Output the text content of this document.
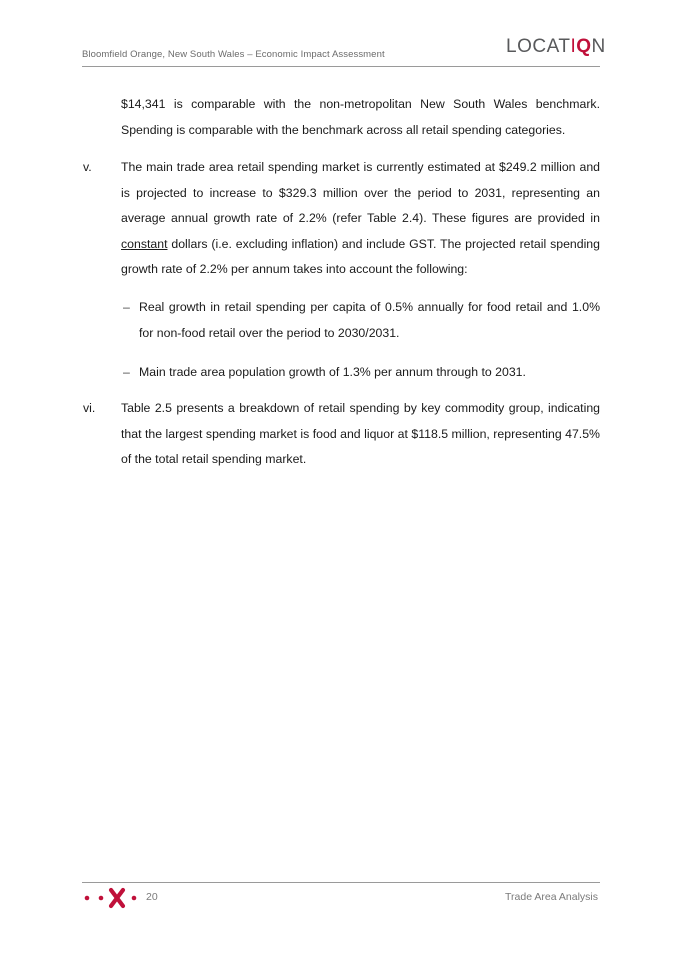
Bloomfield Orange, New South Wales – Economic Impact Assessment	LOCATIQN
$14,341 is comparable with the non-metropolitan New South Wales benchmark. Spending is comparable with the benchmark across all retail spending categories.
v. The main trade area retail spending market is currently estimated at $249.2 million and is projected to increase to $329.3 million over the period to 2031, representing an average annual growth rate of 2.2% (refer Table 2.4). These figures are provided in constant dollars (i.e. excluding inflation) and include GST. The projected retail spending growth rate of 2.2% per annum takes into account the following:
– Real growth in retail spending per capita of 0.5% annually for food retail and 1.0% for non-food retail over the period to 2030/2031.
– Main trade area population growth of 1.3% per annum through to 2031.
vi. Table 2.5 presents a breakdown of retail spending by key commodity group, indicating that the largest spending market is food and liquor at $118.5 million, representing 47.5% of the total retail spending market.
20	Trade Area Analysis
